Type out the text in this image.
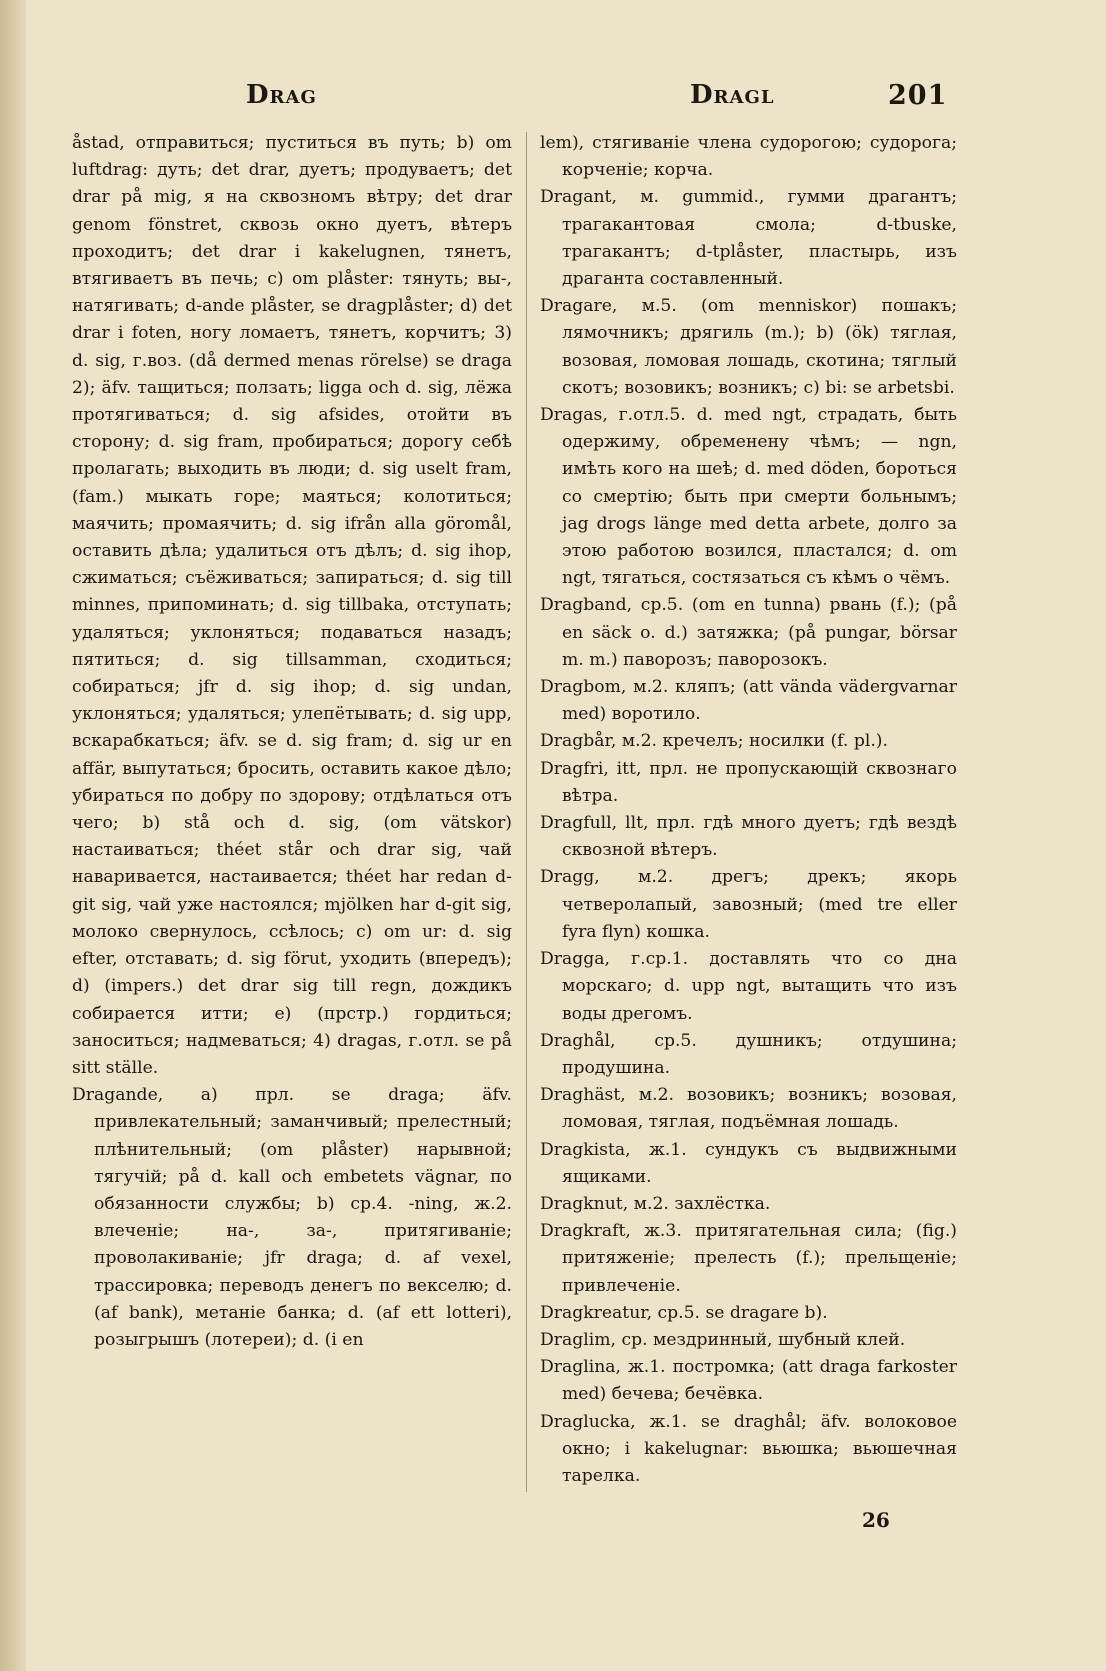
Drag	Dragl	201

åstad, отправиться; пуститься въ путь; b) om luftdrag: дуть; det drar, дуетъ; продуваетъ; det drar på mig, я на сквозномъ вѣтру; det drar genom fönstret, сквозь окно дуетъ, вѣтеръ проходитъ; det drar i kakelugnen, тянетъ, втягиваетъ въ печь; c) om plåster: тянуть; вы-, натягивать; d-ande plåster, se dragplåster; d) det drar i foten, ногу ломаетъ, тянетъ, корчитъ; 3) d. sig, г.воз. (då dermed menas rörelse) se draga 2); äfv. тащиться; ползать; ligga och d. sig, лёжа протягиваться; d. sig afsides, отойти въ сторону; d. sig fram, пробираться; дорогу себѣ пролагать; выходить въ люди; d. sig uselt fram, (fam.) мыкать горе; маяться; колотиться; маячить; промаячить; d. sig ifrån alla göromål, оставить дѣла; удалиться отъ дѣлъ; d. sig ihop, сжиматься; съёживаться; запираться; d. sig till minnes, припоминать; d. sig tillbaka, отступать; удаляться; уклоняться; подаваться назадъ; пятиться; d. sig tillsamman, сходиться; собираться; jfr d. sig ihop; d. sig undan, уклоняться; удаляться; улепётывать; d. sig upp, вскарабкаться; äfv. se d. sig fram; d. sig ur en affär, выпутаться; бросить, оставить какое дѣло; убираться по добру по здорову; отдѣлаться отъ чего; b) stå och d. sig, (om vätskor) настаиваться; théet står och drar sig, чай наваривается, настаивается; théet har redan d-git sig, чай уже настоялся; mjölken har d-git sig, молоко свернулось, ссѣлось; c) om ur: d. sig efter, отставать; d. sig förut, уходить (впередъ); d) (impers.) det drar sig till regn, дождикъ собирается итти; e) (прстр.) гордиться; заноситься; надмеваться; 4) dragas, г.отл. se på sitt ställe.

Dragande, a) прл. se draga; äfv. привлекательный; заманчивый; прелестный; плѣнительный; (om plåster) нарывной; тягучій; på d. kall och embetets vägnar, по обязанности службы; b) ср.4. -ning, ж.2. влеченіе; на-, за-, притягиваніе; проволакиваніе; jfr draga; d. af vexel, трассировка; переводъ денегъ по векселю; d. (af bank), метаніе банка; d. (af ett lotteri), розыгрышъ (лотереи); d. (i en

lem), стягиваніе члена судорогою; судорога; корченіе; корча.

Dragant, м. gummid., гумми драгантъ; трагакантовая смола; d-tbuske, трагакантъ; d-tplåster, пластырь, изъ драганта составленный.

Dragare, м.5. (om menniskor) пошакъ; лямочникъ; дрягиль (m.); b) (ök) тяглая, возовая, ломовая лошадь, скотина; тяглый скотъ; возовикъ; возникъ; c) bi: se arbetsbi.

Dragas, г.отл.5. d. med ngt, страдать, быть одержиму, обремененy чѣмъ; — ngn, имѣть кого на шеѣ; d. med döden, бороться со смертію; быть при смерти больнымъ; jag drogs länge med detta arbete, долго за этою работою возился, пластался; d. om ngt, тягаться, состязаться съ кѣмъ о чёмъ.

Dragband, ср.5. (om en tunna) рвань (f.); (på en säck o. d.) затяжка; (på pungar, börsar m. m.) паворозъ; паворозокъ.

Dragbom, м.2. кляпъ; (att vända vädergvarnar med) воротило.

Dragbår, м.2. кречелъ; носилки (f. pl.).

Dragfri, itt, прл. не пропускающій сквознаго вѣтра.

Dragfull, llt, прл. гдѣ много дуетъ; гдѣ вездѣ сквозной вѣтеръ.

Dragg, м.2. дрегъ; дрекъ; якорь четверолапый, завозный; (med tre eller fyra flyn) кошка.

Dragga, г.ср.1. доставлять что со дна морскаго; d. upp ngt, вытащить что изъ воды дрегомъ.

Draghål, ср.5. душникъ; отдушина; продушина.

Draghäst, м.2. возовикъ; возникъ; возовая, ломовая, тяглая, подъёмная лошадь.

Dragkista, ж.1. сундукъ съ выдвижными ящиками.

Dragknut, м.2. захлёстка.

Dragkraft, ж.3. притягательная сила; (fig.) притяженіе; прелесть (f.); прельщеніе; привлеченіе.

Dragkreatur, ср.5. se dragare b).

Draglim, ср. мездринный, шубный клей.

Draglina, ж.1. постромка; (att draga farkoster med) бечева; бечёвка.

Draglucka, ж.1. se draghål; äfv. волоковое окно; i kakelugnar: вьюшка; вьюшечная тарелка.

26
